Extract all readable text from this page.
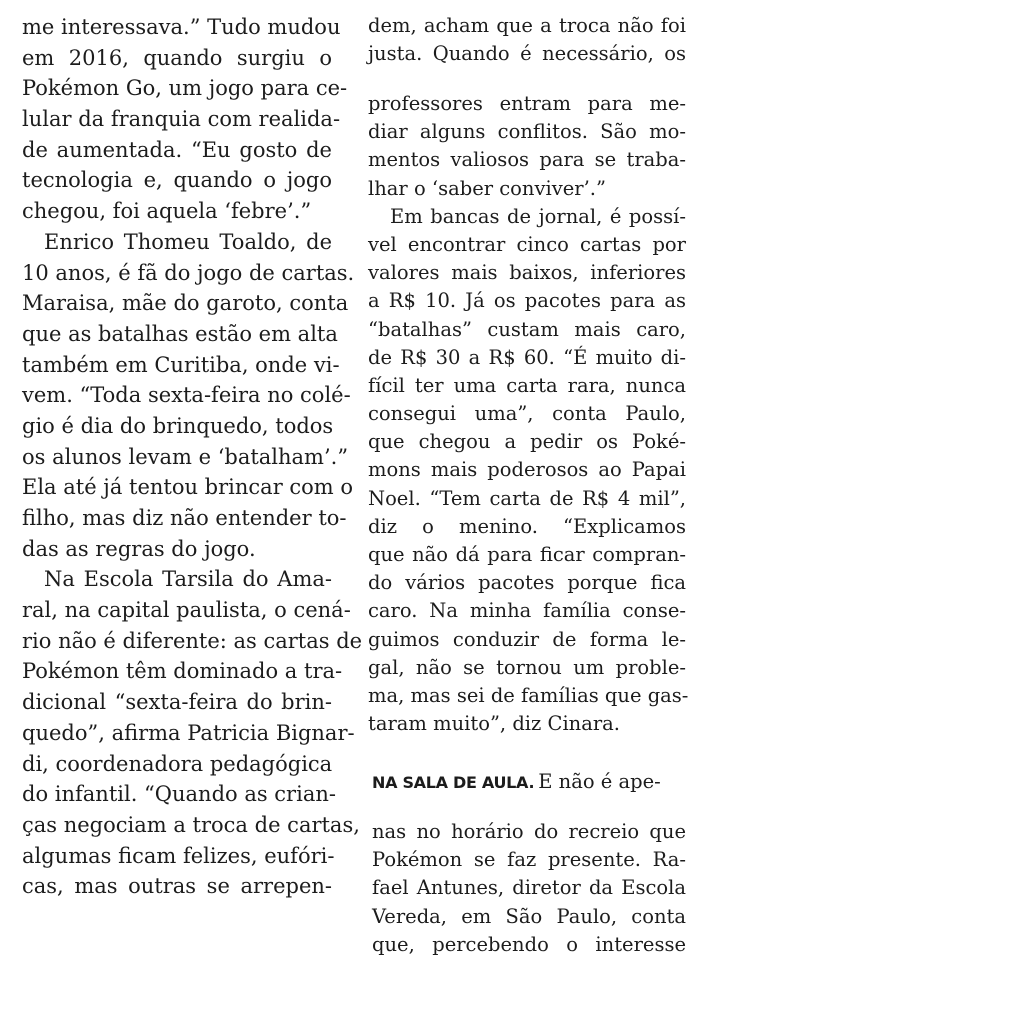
me interessava.” Tudo mudou
em 2016, quando surgiu o
Pokémon Go, um jogo para ce-
lular da franquia com realida-
de aumentada. “Eu gosto de
tecnologia e, quando o jogo
chegou, foi aquela ‘febre’.”
Enrico Thomeu Toaldo, de
10 anos, é fã do jogo de cartas.
Maraisa, mãe do garoto, conta
que as batalhas estão em alta
também em Curitiba, onde vi-
vem. “Toda sexta-feira no colé-
gio é dia do brinquedo, todos
os alunos levam e ‘batalham’.”
Ela até já tentou brincar com o
filho, mas diz não entender to-
das as regras do jogo.
Na Escola Tarsila do Ama-
ral, na capital paulista, o cená-
rio não é diferente: as cartas de
Pokémon têm dominado a tra-
dicional “sexta-feira do brin-
quedo”, afirma Patricia Bignar-
di, coordenadora pedagógica
do infantil. “Quando as crian-
ças negociam a troca de cartas,
algumas ficam felizes, eufóri-
cas, mas outras se arrepen-
dem, acham que a troca não foi
justa. Quando é necessário, os
professores entram para me-
diar alguns conflitos. São mo-
mentos valiosos para se traba-
lhar o ‘saber conviver’.”
Em bancas de jornal, é possí-
vel encontrar cinco cartas por
valores mais baixos, inferiores
a R$ 10. Já os pacotes para as
“batalhas” custam mais caro,
de R$ 30 a R$ 60. “É muito di-
fícil ter uma carta rara, nunca
consegui uma”, conta Paulo,
que chegou a pedir os Poké-
mons mais poderosos ao Papai
Noel. “Tem carta de R$ 4 mil”,
diz o menino. “Explicamos
que não dá para ficar compran-
do vários pacotes porque fica
caro. Na minha família conse-
guimos conduzir de forma le-
gal, não se tornou um proble-
ma, mas sei de famílias que gas-
taram muito”, diz Cinara.
NA SALA DE AULA. E não é ape-
nas no horário do recreio que
Pokémon se faz presente. Ra-
fael Antunes, diretor da Escola
Vereda, em São Paulo, conta
que, percebendo o interesse
